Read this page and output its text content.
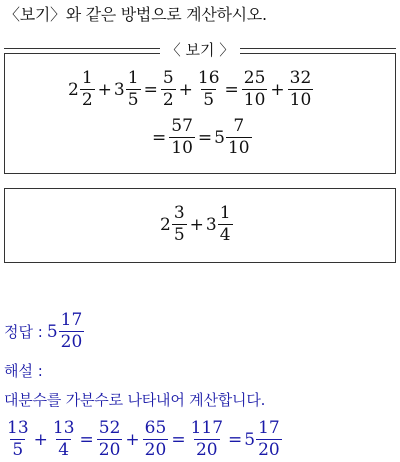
〈보기〉와 같은 방법으로 계산하시오.
〈 보기 〉
$2 \frac{1}{2} + 3 \frac{1}{5} = \frac{5}{2} + \frac{16}{5} = \frac{25}{10} + \frac{32}{10}$
= $\frac{57}{10} = 5 \frac{7}{10}$
$2 \frac{3}{5} + 3 \frac{1}{4}$
정답 : $5 \frac{17}{20}$
해설 :
대분수를 가분수로 나타내어 계산합니다.
$\frac{13}{5} + \frac{13}{4} = \frac{52}{20} + \frac{65}{20} = \frac{117}{20} = 5 \frac{17}{20}$
